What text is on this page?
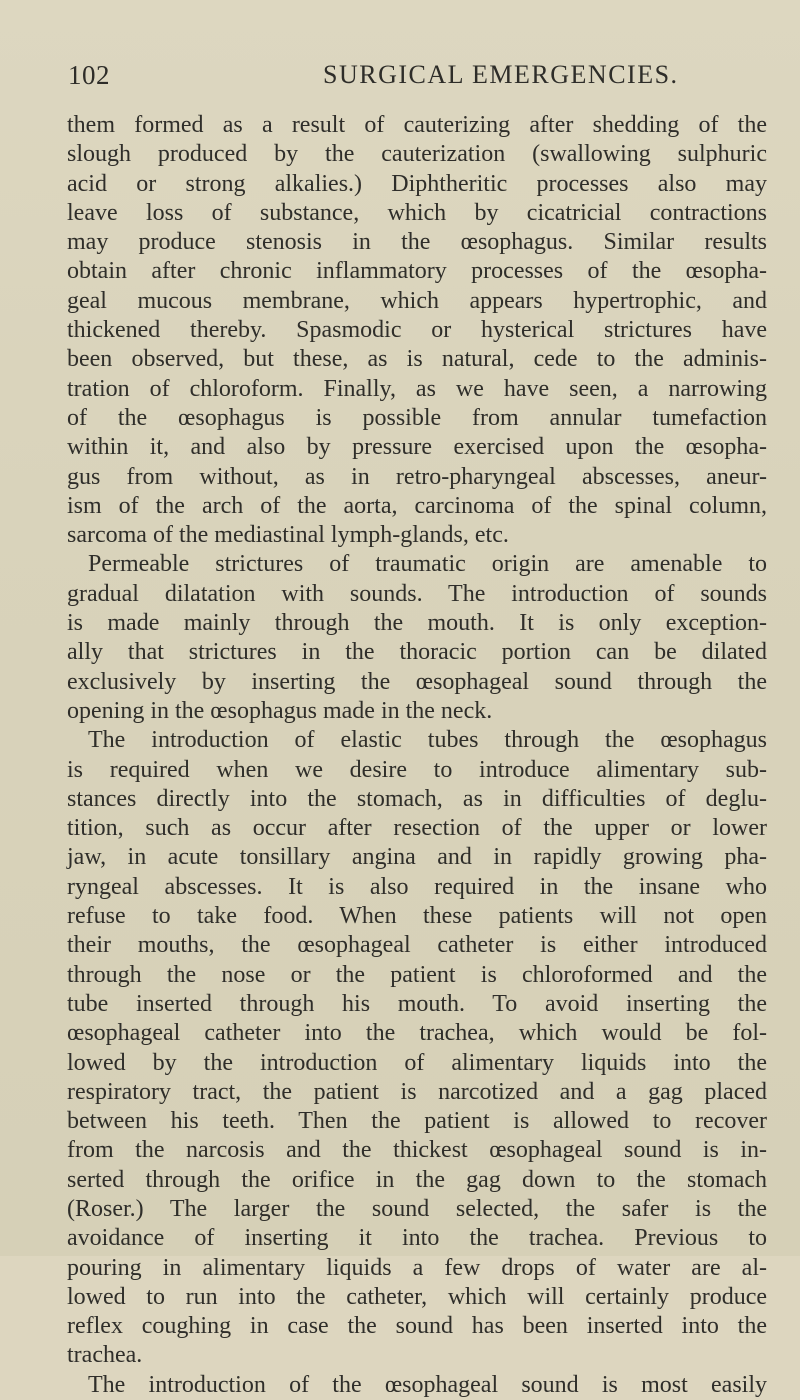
102	SURGICAL EMERGENCIES.
them formed as a result of cauterizing after shedding of the
slough produced by the cauterization (swallowing sulphuric
acid or strong alkalies.) Diphtheritic processes also may
leave loss of substance, which by cicatricial contractions
may produce stenosis in the œsophagus. Similar results
obtain after chronic inflammatory processes of the œsopha-
geal mucous membrane, which appears hypertrophic, and
thickened thereby. Spasmodic or hysterical strictures have
been observed, but these, as is natural, cede to the adminis-
tration of chloroform. Finally, as we have seen, a narrowing
of the œsophagus is possible from annular tumefaction
within it, and also by pressure exercised upon the œsopha-
gus from without, as in retro-pharyngeal abscesses, aneur-
ism of the arch of the aorta, carcinoma of the spinal column,
sarcoma of the mediastinal lymph-glands, etc.
Permeable strictures of traumatic origin are amenable to
gradual dilatation with sounds. The introduction of sounds
is made mainly through the mouth. It is only exception-
ally that strictures in the thoracic portion can be dilated
exclusively by inserting the œsophageal sound through the
opening in the œsophagus made in the neck.
The introduction of elastic tubes through the œsophagus
is required when we desire to introduce alimentary sub-
stances directly into the stomach, as in difficulties of deglu-
tition, such as occur after resection of the upper or lower
jaw, in acute tonsillary angina and in rapidly growing pha-
ryngeal abscesses. It is also required in the insane who
refuse to take food. When these patients will not open
their mouths, the œsophageal catheter is either introduced
through the nose or the patient is chloroformed and the
tube inserted through his mouth. To avoid inserting the
œsophageal catheter into the trachea, which would be fol-
lowed by the introduction of alimentary liquids into the
respiratory tract, the patient is narcotized and a gag placed
between his teeth. Then the patient is allowed to recover
from the narcosis and the thickest œsophageal sound is in-
serted through the orifice in the gag down to the stomach
(Roser.) The larger the sound selected, the safer is the
avoidance of inserting it into the trachea. Previous to
pouring in alimentary liquids a few drops of water are al-
lowed to run into the catheter, which will certainly produce
reflex coughing in case the sound has been inserted into the
trachea.
The introduction of the œsophageal sound is most easily
